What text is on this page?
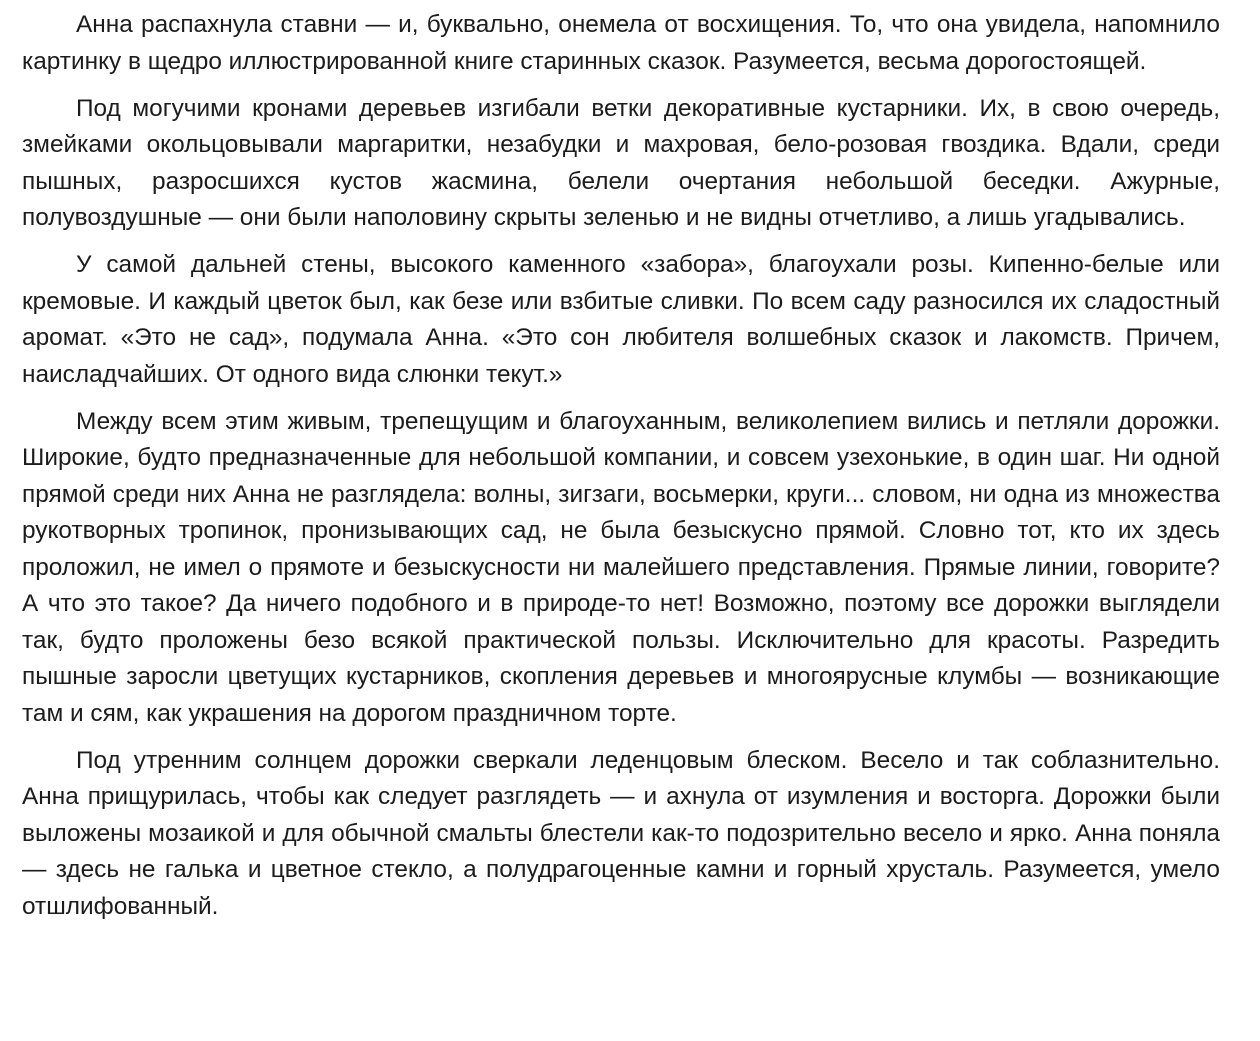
Анна распахнула ставни — и, буквально, онемела от восхищения. То, что она увидела, напомнило картинку в щедро иллюстрированной книге старинных сказок. Разумеется, весьма дорогостоящей.

Под могучими кронами деревьев изгибали ветки декоративные кустарники. Их, в свою очередь, змейками окольцовывали маргаритки, незабудки и махровая, бело-розовая гвоздика. Вдали, среди пышных, разросшихся кустов жасмина, белели очертания небольшой беседки. Ажурные, полувоздушные — они были наполовину скрыты зеленью и не видны отчетливо, а лишь угадывались.

У самой дальней стены, высокого каменного «забора», благоухали розы. Кипенно-белые или кремовые. И каждый цветок был, как безе или взбитые сливки. По всем саду разносился их сладостный аромат. «Это не сад», подумала Анна. «Это сон любителя волшебных сказок и лакомств. Причем, наисладчайших. От одного вида слюнки текут.»

Между всем этим живым, трепещущим и благоуханным, великолепием вились и петляли дорожки. Широкие, будто предназначенные для небольшой компании, и совсем узехонькие, в один шаг. Ни одной прямой среди них Анна не разглядела: волны, зигзаги, восьмерки, круги... словом, ни одна из множества рукотворных тропинок, пронизывающих сад, не была безыскусно прямой. Словно тот, кто их здесь проложил, не имел о прямоте и безыскусности ни малейшего представления. Прямые линии, говорите? А что это такое? Да ничего подобного и в природе-то нет! Возможно, поэтому все дорожки выглядели так, будто проложены безо всякой практической пользы. Исключительно для красоты. Разредить пышные заросли цветущих кустарников, скопления деревьев и многоярусные клумбы — возникающие там и сям, как украшения на дорогом праздничном торте.

Под утренним солнцем дорожки сверкали леденцовым блеском. Весело и так соблазнительно. Анна прищурилась, чтобы как следует разглядеть — и ахнула от изумления и восторга. Дорожки были выложены мозаикой и для обычной смальты блестели как-то подозрительно весело и ярко. Анна поняла — здесь не галька и цветное стекло, а полудрагоценные камни и горный хрусталь. Разумеется, умело отшлифованный.
